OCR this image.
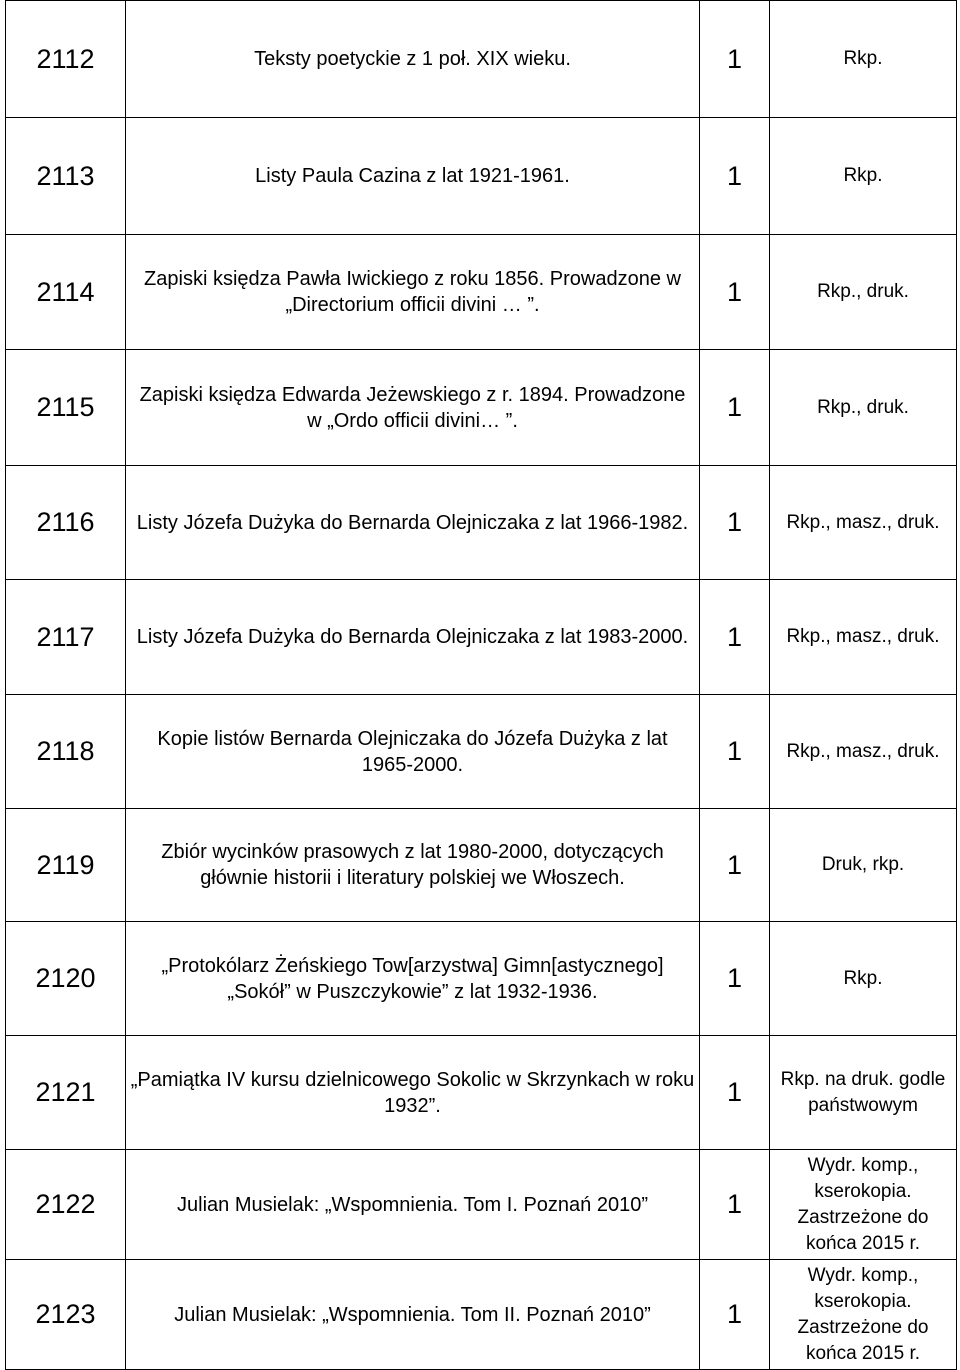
2112	Teksty poetyckie z 1 poł. XIX wieku.	1	Rkp.
2113	Listy Paula Cazina z lat 1921-1961.	1	Rkp.
2114	Zapiski księdza Pawła Iwickiego z roku 1856. Prowadzone w „Directorium officii divini … ”.	1	Rkp., druk.
2115	Zapiski księdza Edwarda Jeżewskiego z r. 1894. Prowadzone w „Ordo officii divini… ”.	1	Rkp., druk.
2116	Listy Józefa Dużyka do Bernarda Olejniczaka z lat 1966-1982.	1	Rkp., masz., druk.
2117	Listy Józefa Dużyka do Bernarda Olejniczaka z lat 1983-2000.	1	Rkp., masz., druk.
2118	Kopie listów Bernarda Olejniczaka do Józefa Dużyka z lat 1965-2000.	1	Rkp., masz., druk.
2119	Zbiór wycinków prasowych z lat 1980-2000, dotyczących głównie historii i literatury polskiej we Włoszech.	1	Druk, rkp.
2120	„Protokólarz Żeńskiego Tow[arzystwa] Gimn[astycznego] „Sokół” w Puszczykowie” z lat 1932-1936.	1	Rkp.
2121	„Pamiątka IV kursu dzielnicowego Sokolic w Skrzynkach w roku 1932”.	1	Rkp. na druk. godle państwowym
2122	Julian Musielak: „Wspomnienia. Tom I. Poznań 2010”	1	Wydr. komp., kserokopia. Zastrzeżone do końca 2015 r.
2123	Julian Musielak: „Wspomnienia. Tom II. Poznań 2010”	1	Wydr. komp., kserokopia. Zastrzeżone do końca 2015 r.
